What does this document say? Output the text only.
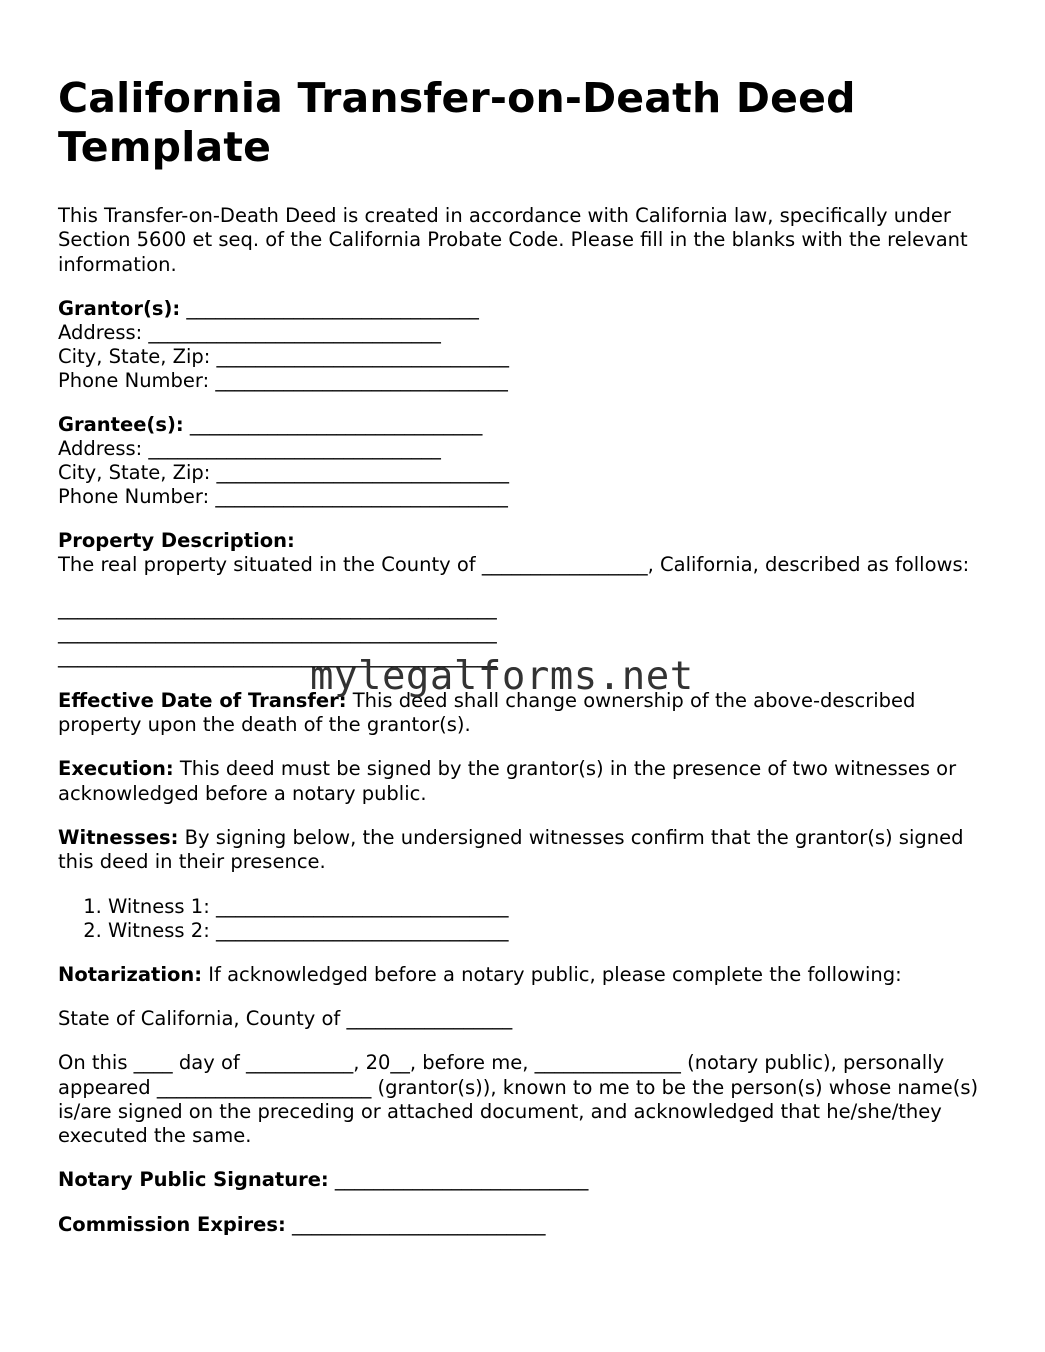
California Transfer-on-Death Deed Template

This Transfer-on-Death Deed is created in accordance with California law, specifically under Section 5600 et seq. of the California Probate Code. Please fill in the blanks with the relevant information.

Grantor(s): ______________________________

Address: ______________________________

City, State, Zip: ______________________________

Phone Number: ______________________________

Grantee(s): ______________________________

Address: ______________________________

City, State, Zip: ______________________________

Phone Number: ______________________________

Property Description:

The real property situated in the County of _________________, California, described as follows:

_____________________________________________

_____________________________________________

_____________________________________________

Effective Date of Transfer: This deed shall change ownership of the above-described property upon the death of the grantor(s).

Execution: This deed must be signed by the grantor(s) in the presence of two witnesses or acknowledged before a notary public.

Witnesses: By signing below, the undersigned witnesses confirm that the grantor(s) signed this deed in their presence.

1. Witness 1: ______________________________
2. Witness 2: ______________________________

Notarization: If acknowledged before a notary public, please complete the following:

State of California, County of _________________

On this ____ day of ___________, 20__, before me, _______________ (notary public), personally appeared ______________________ (grantor(s)), known to me to be the person(s) whose name(s) is/are signed on the preceding or attached document, and acknowledged that he/she/they executed the same.

Notary Public Signature: __________________________

Commission Expires: __________________________

mylegalforms.net
